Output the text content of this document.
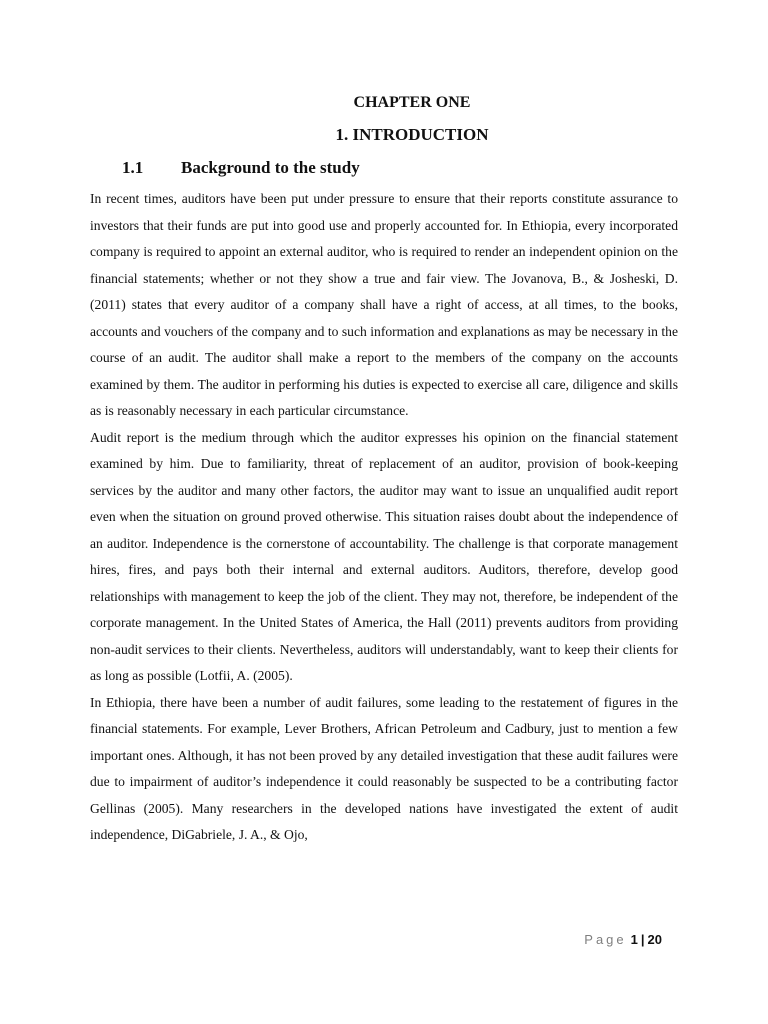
CHAPTER ONE
1. INTRODUCTION
1.1 Background to the study

In recent times, auditors have been put under pressure to ensure that their reports constitute assurance to investors that their funds are put into good use and properly accounted for. In Ethiopia, every incorporated company is required to appoint an external auditor, who is required to render an independent opinion on the financial statements; whether or not they show a true and fair view. The Jovanova, B., & Josheski, D. (2011) states that every auditor of a company shall have a right of access, at all times, to the books, accounts and vouchers of the company and to such information and explanations as may be necessary in the course of an audit. The auditor shall make a report to the members of the company on the accounts examined by them. The auditor in performing his duties is expected to exercise all care, diligence and skills as is reasonably necessary in each particular circumstance.

Audit report is the medium through which the auditor expresses his opinion on the financial statement examined by him. Due to familiarity, threat of replacement of an auditor, provision of book-keeping services by the auditor and many other factors, the auditor may want to issue an unqualified audit report even when the situation on ground proved otherwise. This situation raises doubt about the independence of an auditor. Independence is the cornerstone of accountability. The challenge is that corporate management hires, fires, and pays both their internal and external auditors. Auditors, therefore, develop good relationships with management to keep the job of the client. They may not, therefore, be independent of the corporate management. In the United States of America, the Hall (2011) prevents auditors from providing non-audit services to their clients. Nevertheless, auditors will understandably, want to keep their clients for as long as possible (Lotfii, A. (2005).

In Ethiopia, there have been a number of audit failures, some leading to the restatement of figures in the financial statements. For example, Lever Brothers, African Petroleum and Cadbury, just to mention a few important ones. Although, it has not been proved by any detailed investigation that these audit failures were due to impairment of auditor’s independence it could reasonably be suspected to be a contributing factor Gellinas (2005). Many researchers in the developed nations have investigated the extent of audit independence, DiGabriele, J. A., & Ojo,

Page 1 | 20
